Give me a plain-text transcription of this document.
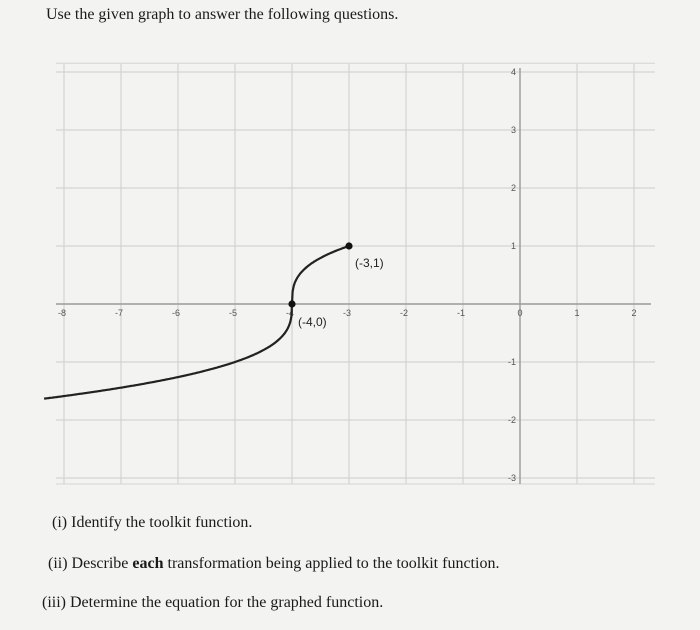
Use the given graph to answer the following questions.

-8	-7	-6	-5	-4	-3	-2	-1	0	1	2
4
3
2
1
-1
-2
-3
(-3,1)
(-4,0)

(i) Identify the toolkit function.

(ii) Describe each transformation being applied to the toolkit function.

(iii) Determine the equation for the graphed function.
